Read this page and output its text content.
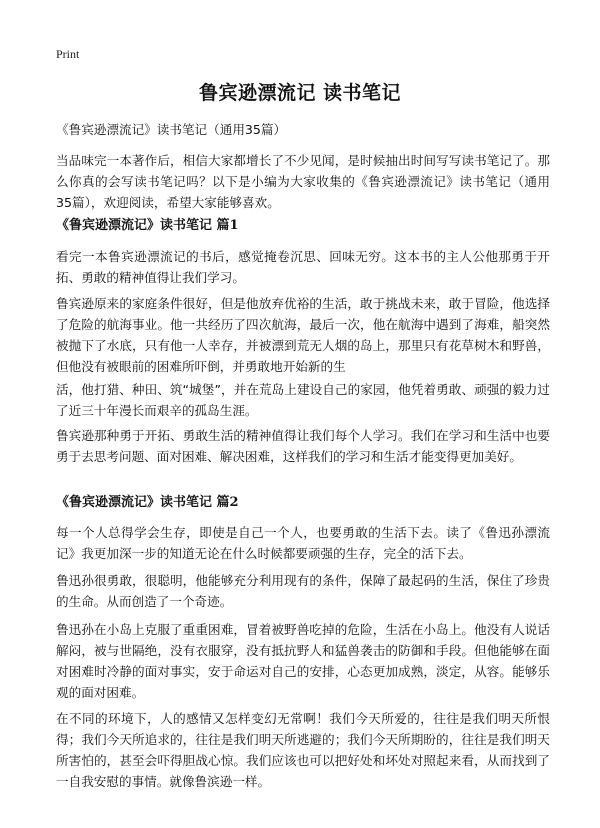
Print
鲁宾逊漂流记 读书笔记

《鲁宾逊漂流记》读书笔记（通用35篇）

当品味完一本著作后，相信大家都增长了不少见闻，是时候抽出时间写写读书笔记了。那么你真的会写读书笔记吗？以下是小编为大家收集的《鲁宾逊漂流记》读书笔记（通用35篇），欢迎阅读，希望大家能够喜欢。

《鲁宾逊漂流记》读书笔记 篇1

看完一本鲁宾逊漂流记的书后，感觉掩卷沉思、回味无穷。这本书的主人公他那勇于开拓、勇敢的精神值得让我们学习。

鲁宾逊原来的家庭条件很好，但是他放弃优裕的生活，敢于挑战未来，敢于冒险，他选择了危险的航海事业。他一共经历了四次航海，最后一次，他在航海中遇到了海难，船突然被抛下了水底，只有他一人幸存，并被漂到荒无人烟的岛上，那里只有花草树木和野兽，但他没有被眼前的困难所吓倒，并勇敢地开始新的生

活，他打猎、种田、筑“城堡”，并在荒岛上建设自己的家园，他凭着勇敢、顽强的毅力过了近三十年漫长而艰辛的孤岛生涯。

鲁宾逊那种勇于开拓、勇敢生活的精神值得让我们每个人学习。我们在学习和生活中也要勇于去思考问题、面对困难、解决困难，这样我们的学习和生活才能变得更加美好。

《鲁宾逊漂流记》读书笔记 篇2

每一个人总得学会生存，即使是自己一个人，也要勇敢的生活下去。读了《鲁迅孙漂流记》我更加深一步的知道无论在什么时候都要顽强的生存，完全的活下去。

鲁迅孙很勇敢，很聪明，他能够充分利用现有的条件，保障了最起码的生活，保住了珍贵的生命。从而创造了一个奇迹。

鲁迅孙在小岛上克服了重重困难，冒着被野兽吃掉的危险，生活在小岛上。他没有人说话解闷，被与世隔绝，没有衣服穿，没有抵抗野人和猛兽袭击的防御和手段。但他能够在面对困难时冷静的面对事实，安于命运对自己的安排，心态更加成熟，淡定，从容。能够乐观的面对困难。

在不同的环境下，人的感情又怎样变幻无常啊！我们今天所爱的，往往是我们明天所恨得；我们今天所追求的，往往是我们明天所逃避的；我们今天所期盼的，往往是我们明天所害怕的，甚至会吓得胆战心惊。我们应该也可以把好处和坏处对照起来看，从而找到了一自我安慰的事情。就像鲁滨逊一样。
